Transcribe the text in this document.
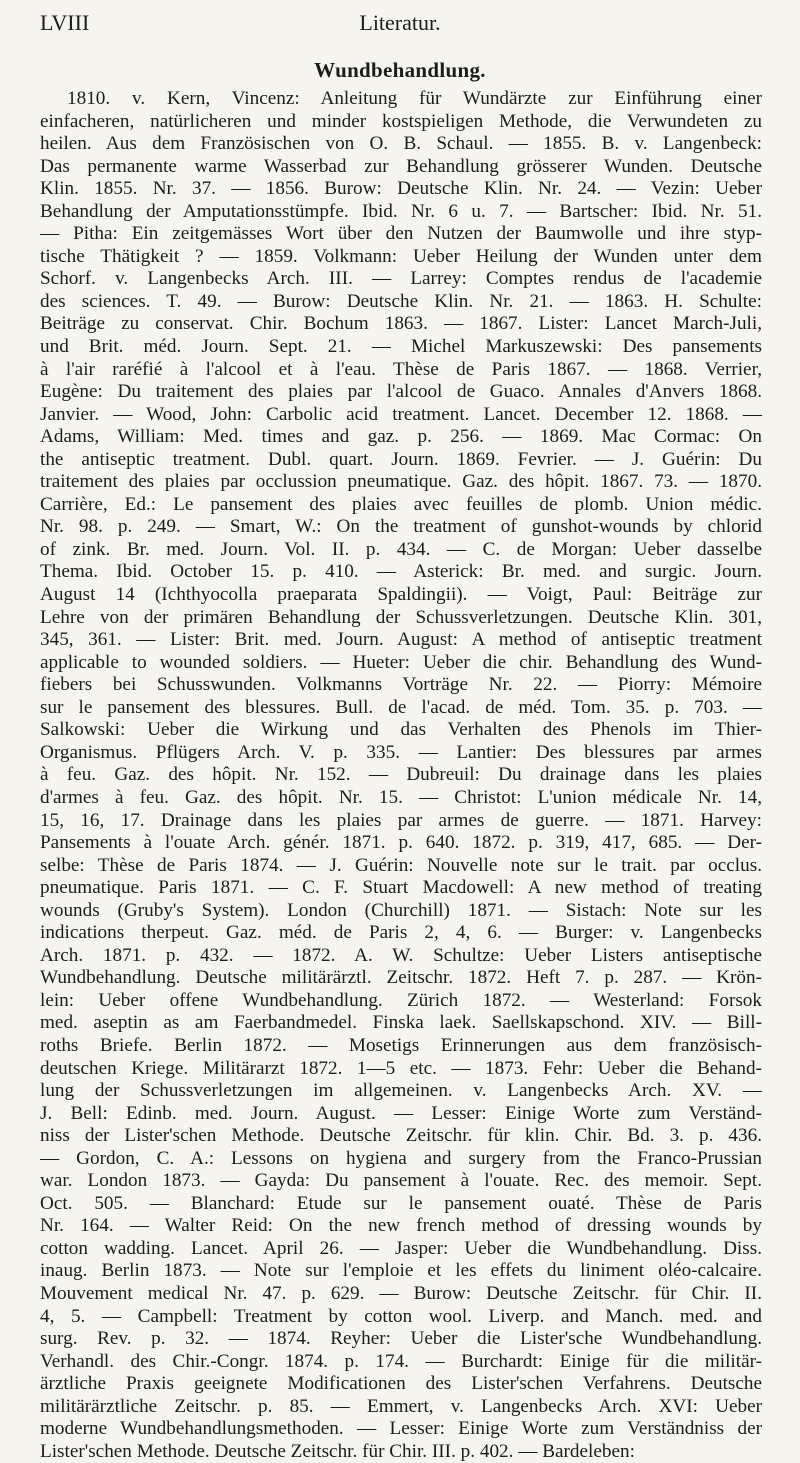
LVIII	Literatur.
Wundbehandlung.
1810. v. Kern, Vincenz: Anleitung für Wundärzte zur Einführung einer
einfacheren, natürlicheren und minder kostspieligen Methode, die Verwundeten zu
heilen. Aus dem Französischen von O. B. Schaul. — 1855. B. v. Langenbeck:
Das permanente warme Wasserbad zur Behandlung grösserer Wunden. Deutsche
Klin. 1855. Nr. 37. — 1856. Burow: Deutsche Klin. Nr. 24. — Vezin: Ueber
Behandlung der Amputationsstümpfe. Ibid. Nr. 6 u. 7. — Bartscher: Ibid. Nr. 51.
— Pitha: Ein zeitgemässes Wort über den Nutzen der Baumwolle und ihre styp-
tische Thätigkeit ? — 1859. Volkmann: Ueber Heilung der Wunden unter dem
Schorf. v. Langenbecks Arch. III. — Larrey: Comptes rendus de l'academie
des sciences. T. 49. — Burow: Deutsche Klin. Nr. 21. — 1863. H. Schulte:
Beiträge zu conservat. Chir. Bochum 1863. — 1867. Lister: Lancet March-Juli,
und Brit. méd. Journ. Sept. 21. — Michel Markuszewski: Des pansements
à l'air raréfié à l'alcool et à l'eau. Thèse de Paris 1867. — 1868. Verrier,
Eugène: Du traitement des plaies par l'alcool de Guaco. Annales d'Anvers 1868.
Janvier. — Wood, John: Carbolic acid treatment. Lancet. December 12. 1868. —
Adams, William: Med. times and gaz. p. 256. — 1869. Mac Cormac: On
the antiseptic treatment. Dubl. quart. Journ. 1869. Fevrier. — J. Guérin: Du
traitement des plaies par occlussion pneumatique. Gaz. des hôpit. 1867. 73. — 1870.
Carrière, Ed.: Le pansement des plaies avec feuilles de plomb. Union médic.
Nr. 98. p. 249. — Smart, W.: On the treatment of gunshot-wounds by chlorid
of zink. Br. med. Journ. Vol. II. p. 434. — C. de Morgan: Ueber dasselbe
Thema. Ibid. October 15. p. 410. — Asterick: Br. med. and surgic. Journ.
August 14 (Ichthyocolla praeparata Spaldingii). — Voigt, Paul: Beiträge zur
Lehre von der primären Behandlung der Schussverletzungen. Deutsche Klin. 301,
345, 361. — Lister: Brit. med. Journ. August: A method of antiseptic treatment
applicable to wounded soldiers. — Hueter: Ueber die chir. Behandlung des Wund-
fiebers bei Schusswunden. Volkmanns Vorträge Nr. 22. — Piorry: Mémoire
sur le pansement des blessures. Bull. de l'acad. de méd. Tom. 35. p. 703. —
Salkowski: Ueber die Wirkung und das Verhalten des Phenols im Thier-
Organismus. Pflügers Arch. V. p. 335. — Lantier: Des blessures par armes
à feu. Gaz. des hôpit. Nr. 152. — Dubreuil: Du drainage dans les plaies
d'armes à feu. Gaz. des hôpit. Nr. 15. — Christot: L'union médicale Nr. 14,
15, 16, 17. Drainage dans les plaies par armes de guerre. — 1871. Harvey:
Pansements à l'ouate Arch. génér. 1871. p. 640. 1872. p. 319, 417, 685. — Der-
selbe: Thèse de Paris 1874. — J. Guérin: Nouvelle note sur le trait. par occlus.
pneumatique. Paris 1871. — C. F. Stuart Macdowell: A new method of treating
wounds (Gruby's System). London (Churchill) 1871. — Sistach: Note sur les
indications therpeut. Gaz. méd. de Paris 2, 4, 6. — Burger: v. Langenbecks
Arch. 1871. p. 432. — 1872. A. W. Schultze: Ueber Listers antiseptische
Wundbehandlung. Deutsche militärärztl. Zeitschr. 1872. Heft 7. p. 287. — Krön-
lein: Ueber offene Wundbehandlung. Zürich 1872. — Westerland: Forsok
med. aseptin as am Faerbandmedel. Finska laek. Saellskapschond. XIV. — Bill-
roths Briefe. Berlin 1872. — Mosetigs Erinnerungen aus dem französisch-
deutschen Kriege. Militärarzt 1872. 1—5 etc. — 1873. Fehr: Ueber die Behand-
lung der Schussverletzungen im allgemeinen. v. Langenbecks Arch. XV. —
J. Bell: Edinb. med. Journ. August. — Lesser: Einige Worte zum Verständ-
niss der Lister'schen Methode. Deutsche Zeitschr. für klin. Chir. Bd. 3. p. 436.
— Gordon, C. A.: Lessons on hygiena and surgery from the Franco-Prussian
war. London 1873. — Gayda: Du pansement à l'ouate. Rec. des memoir. Sept.
Oct. 505. — Blanchard: Etude sur le pansement ouaté. Thèse de Paris
Nr. 164. — Walter Reid: On the new french method of dressing wounds by
cotton wadding. Lancet. April 26. — Jasper: Ueber die Wundbehandlung. Diss.
inaug. Berlin 1873. — Note sur l'emploie et les effets du liniment oléo-calcaire.
Mouvement medical Nr. 47. p. 629. — Burow: Deutsche Zeitschr. für Chir. II.
4, 5. — Campbell: Treatment by cotton wool. Liverp. and Manch. med. and
surg. Rev. p. 32. — 1874. Reyher: Ueber die Lister'sche Wundbehandlung.
Verhandl. des Chir.-Congr. 1874. p. 174. — Burchardt: Einige für die militär-
ärztliche Praxis geeignete Modificationen des Lister'schen Verfahrens. Deutsche
militärärztliche Zeitschr. p. 85. — Emmert, v. Langenbecks Arch. XVI: Ueber
moderne Wundbehandlungsmethoden. — Lesser: Einige Worte zum Verständniss der
Lister'schen Methode. Deutsche Zeitschr. für Chir. III. p. 402. — Bardeleben:
